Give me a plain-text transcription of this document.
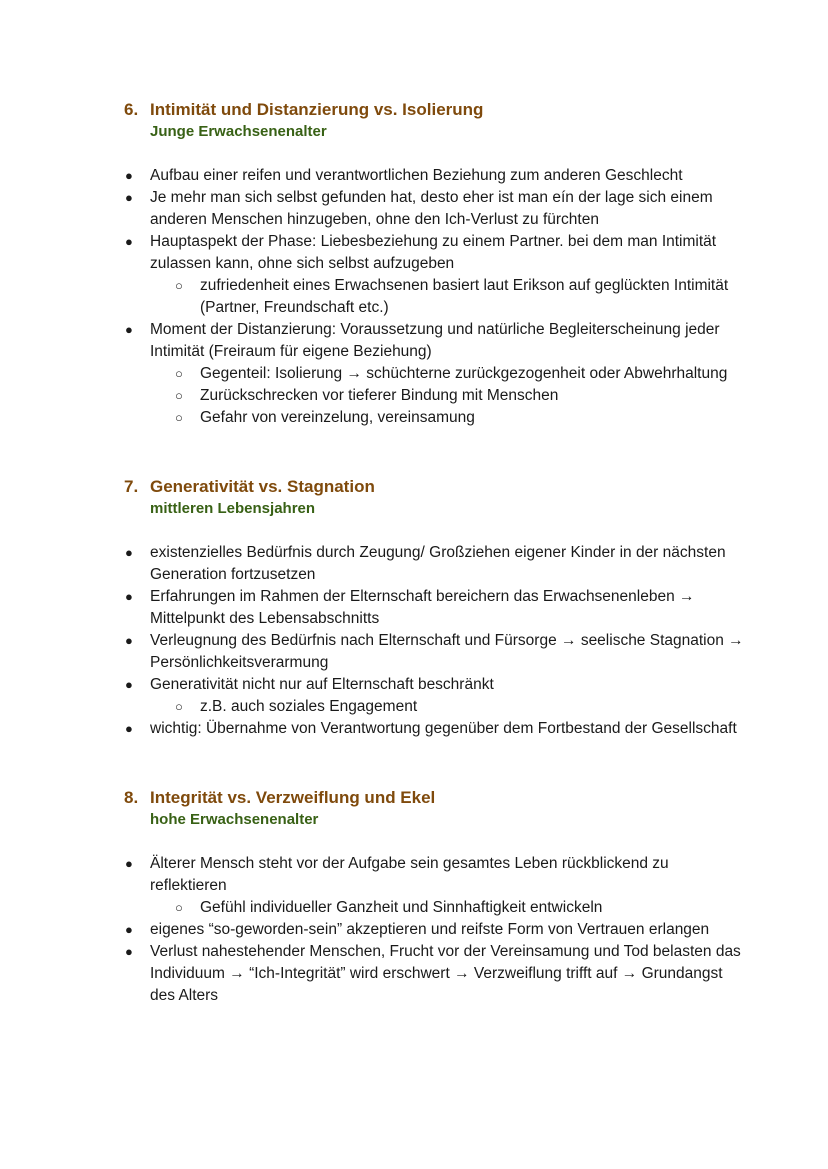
6. Intimität und Distanzierung vs. Isolierung
Junge Erwachsenenalter
● Aufbau einer reifen und verantwortlichen Beziehung zum anderen Geschlecht
● Je mehr man sich selbst gefunden hat, desto eher ist man eín der lage sich einem anderen Menschen hinzugeben, ohne den Ich-Verlust zu fürchten
● Hauptaspekt der Phase: Liebesbeziehung zu einem Partner. bei dem man Intimität zulassen kann, ohne sich selbst aufzugeben
○ zufriedenheit eines Erwachsenen basiert laut Erikson auf geglückten Intimität (Partner, Freundschaft etc.)
● Moment der Distanzierung: Voraussetzung und natürliche Begleiterscheinung jeder Intimität (Freiraum für eigene Beziehung)
○ Gegenteil: Isolierung → schüchterne zurückgezogenheit oder Abwehrhaltung
○ Zurückschrecken vor tieferer Bindung mit Menschen
○ Gefahr von vereinzelung, vereinsamung
7. Generativität vs. Stagnation
mittleren Lebensjahren
● existenzielles Bedürfnis durch Zeugung/ Großziehen eigener Kinder in der nächsten Generation fortzusetzen
● Erfahrungen im Rahmen der Elternschaft bereichern das Erwachsenenleben → Mittelpunkt des Lebensabschnitts
● Verleugnung des Bedürfnis nach Elternschaft und Fürsorge → seelische Stagnation → Persönlichkeitsverarmung
● Generativität nicht nur auf Elternschaft beschränkt
○ z.B. auch soziales Engagement
● wichtig: Übernahme von Verantwortung gegenüber dem Fortbestand der Gesellschaft
8. Integrität vs. Verzweiflung und Ekel
hohe Erwachsenenalter
● Älterer Mensch steht vor der Aufgabe sein gesamtes Leben rückblickend zu reflektieren
○ Gefühl individueller Ganzheit und Sinnhaftigkeit entwickeln
● eigenes “so-geworden-sein” akzeptieren und reifste Form von Vertrauen erlangen
● Verlust nahestehender Menschen, Frucht vor der Vereinsamung und Tod belasten das Individuum → “Ich-Integrität” wird erschwert → Verzweiflung trifft auf → Grundangst des Alters
